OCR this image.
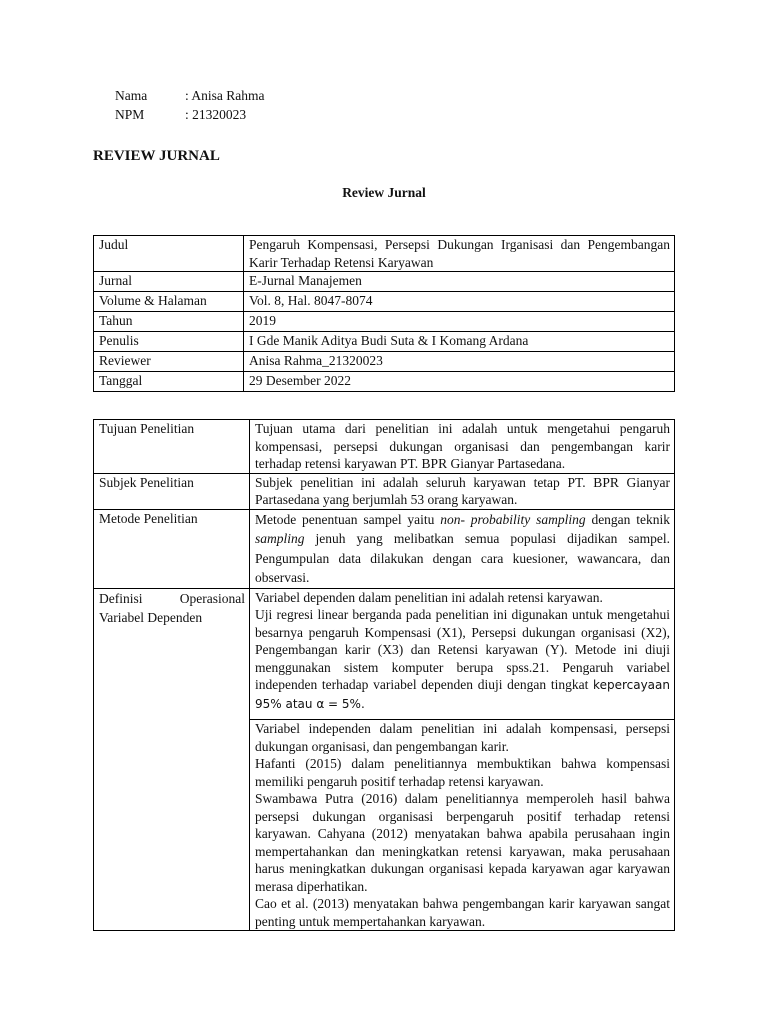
Nama	: Anisa Rahma
NPM	: 21320023
REVIEW JURNAL
Review Jurnal
Judul	Pengaruh Kompensasi, Persepsi Dukungan Irganisasi dan Pengembangan Karir Terhadap Retensi Karyawan
Jurnal	E-Jurnal Manajemen
Volume & Halaman	Vol. 8, Hal. 8047-8074
Tahun	2019
Penulis	I Gde Manik Aditya Budi Suta & I Komang Ardana
Reviewer	Anisa Rahma_21320023
Tanggal	29 Desember 2022
Tujuan Penelitian	Tujuan utama dari penelitian ini adalah untuk mengetahui pengaruh kompensasi, persepsi dukungan organisasi dan pengembangan karir terhadap retensi karyawan PT. BPR Gianyar Partasedana.
Subjek Penelitian	Subjek penelitian ini adalah seluruh karyawan tetap PT. BPR Gianyar Partasedana yang berjumlah 53 orang karyawan.
Metode Penelitian	Metode penentuan sampel yaitu non- probability sampling dengan teknik sampling jenuh yang melibatkan semua populasi dijadikan sampel. Pengumpulan data dilakukan dengan cara kuesioner, wawancara, dan observasi.

Definisi Operasional
Variabel Dependen	Variabel dependen dalam penelitian ini adalah retensi karyawan.
Uji regresi linear berganda pada penelitian ini digunakan untuk mengetahui besarnya pengaruh Kompensasi (X1), Persepsi dukungan organisasi (X2), Pengembangan karir (X3) dan Retensi karyawan (Y). Metode ini diuji menggunakan sistem komputer berupa spss.21. Pengaruh variabel independen terhadap variabel dependen diuji dengan tingkat kepercayaan 95% atau α = 5%.

	Variabel independen dalam penelitian ini adalah kompensasi, persepsi dukungan organisasi, dan pengembangan karir.
Hafanti (2015) dalam penelitiannya membuktikan bahwa kompensasi memiliki pengaruh positif terhadap retensi karyawan.
Swambawa Putra (2016) dalam penelitiannya memperoleh hasil bahwa persepsi dukungan organisasi berpengaruh positif terhadap retensi karyawan. Cahyana (2012) menyatakan bahwa apabila perusahaan ingin mempertahankan dan meningkatkan retensi karyawan, maka perusahaan harus meningkatkan dukungan organisasi kepada karyawan agar karyawan merasa diperhatikan.
Cao et al. (2013) menyatakan bahwa pengembangan karir karyawan sangat penting untuk mempertahankan karyawan.
